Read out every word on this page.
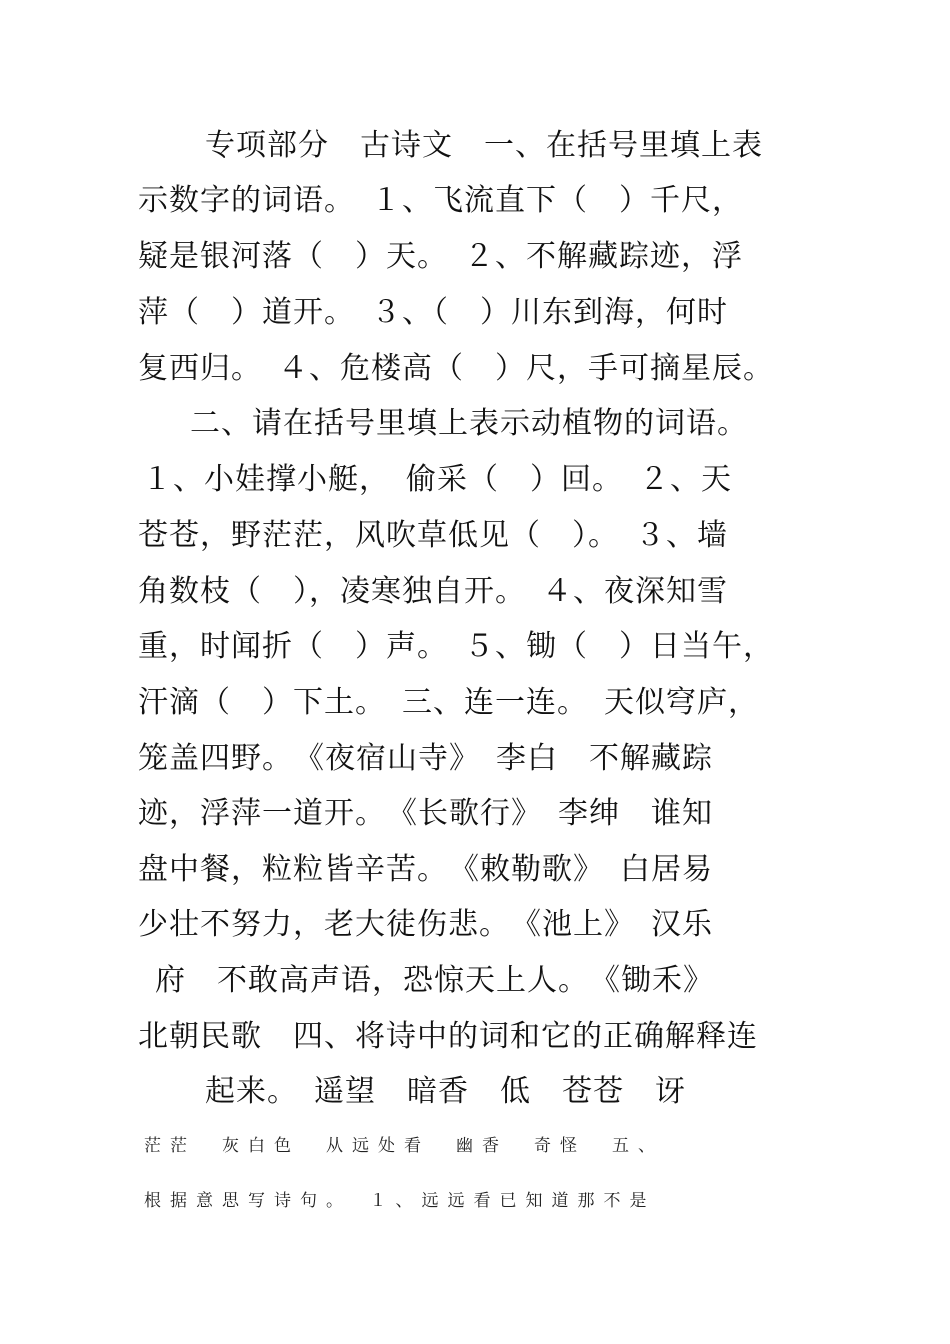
专项部分　古诗文　一、在括号里填上表
示数字的词语。　１、飞流直下（　）千尺，
疑是银河落（　）天。　２、不解藏踪迹，浮
萍（　）道开。　３、（　）川东到海，何时
复西归。　４、危楼高（　）尺，手可摘星辰。
二、请在括号里填上表示动植物的词语。
１、小娃撑小艇，　偷采（　）回。　２、天
苍苍，野茫茫，风吹草低见（　）。　３、墙
角数枝（　），凌寒独自开。　４、夜深知雪
重，时闻折（　）声。　５、锄（　）日当午，
汗滴（　）下土。　三、连一连。　天似穹庐，
笼盖四野。　《夜宿山寺》　李白　不解藏踪
迹，浮萍一道开。　《长歌行》　李绅　谁知
盘中餐，粒粒皆辛苦。　《敕勒歌》　白居易
少壮不努力，老大徒伤悲。　《池上》　汉乐
府　不敢高声语，恐惊天上人。　《锄禾》
北朝民歌　四、将诗中的词和它的正确解释连
起来。　遥望　暗香　低　苍苍　讶
茫茫　灰白色　从远处看　幽香　奇怪　五、
根据意思写诗句。　１、远远看已知道那不是
